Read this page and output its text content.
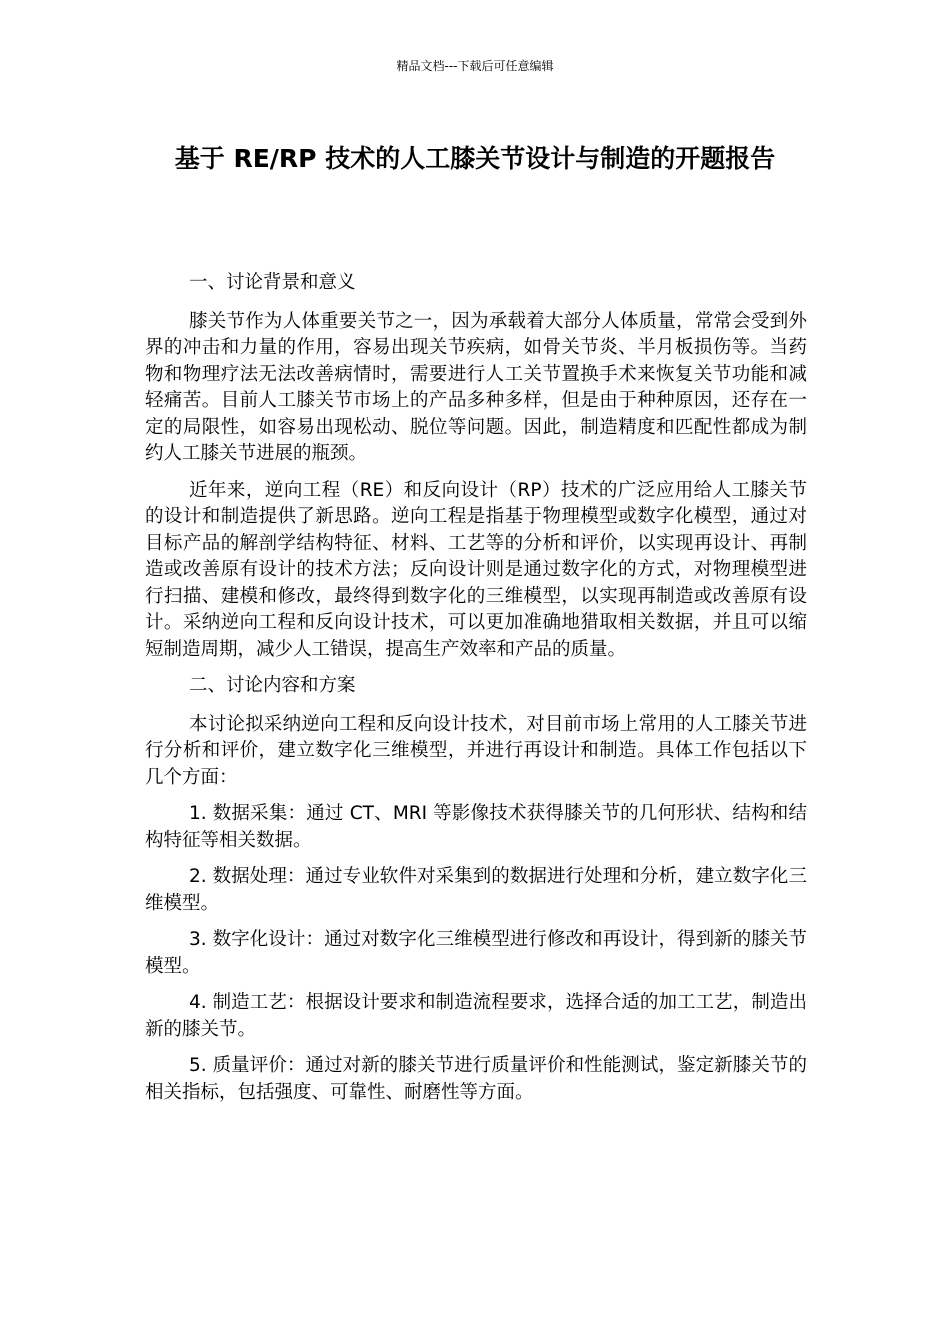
精品文档---下载后可任意编辑
基于 RE/RP 技术的人工膝关节设计与制造的开题报告

一、讨论背景和意义

膝关节作为人体重要关节之一，因为承载着大部分人体质量，常常会受到外界的冲击和力量的作用，容易出现关节疾病，如骨关节炎、半月板损伤等。当药物和物理疗法无法改善病情时，需要进行人工关节置换手术来恢复关节功能和减轻痛苦。目前人工膝关节市场上的产品多种多样，但是由于种种原因，还存在一定的局限性，如容易出现松动、脱位等问题。因此，制造精度和匹配性都成为制约人工膝关节进展的瓶颈。

近年来，逆向工程（RE）和反向设计（RP）技术的广泛应用给人工膝关节的设计和制造提供了新思路。逆向工程是指基于物理模型或数字化模型，通过对目标产品的解剖学结构特征、材料、工艺等的分析和评价，以实现再设计、再制造或改善原有设计的技术方法；反向设计则是通过数字化的方式，对物理模型进行扫描、建模和修改，最终得到数字化的三维模型，以实现再制造或改善原有设计。采纳逆向工程和反向设计技术，可以更加准确地猎取相关数据，并且可以缩短制造周期，减少人工错误，提高生产效率和产品的质量。

二、讨论内容和方案

本讨论拟采纳逆向工程和反向设计技术，对目前市场上常用的人工膝关节进行分析和评价，建立数字化三维模型，并进行再设计和制造。具体工作包括以下几个方面：

1. 数据采集：通过 CT、MRI 等影像技术获得膝关节的几何形状、结构和结构特征等相关数据。

2. 数据处理：通过专业软件对采集到的数据进行处理和分析，建立数字化三维模型。

3. 数字化设计：通过对数字化三维模型进行修改和再设计，得到新的膝关节模型。

4. 制造工艺：根据设计要求和制造流程要求，选择合适的加工工艺，制造出新的膝关节。

5. 质量评价：通过对新的膝关节进行质量评价和性能测试，鉴定新膝关节的相关指标，包括强度、可靠性、耐磨性等方面。
